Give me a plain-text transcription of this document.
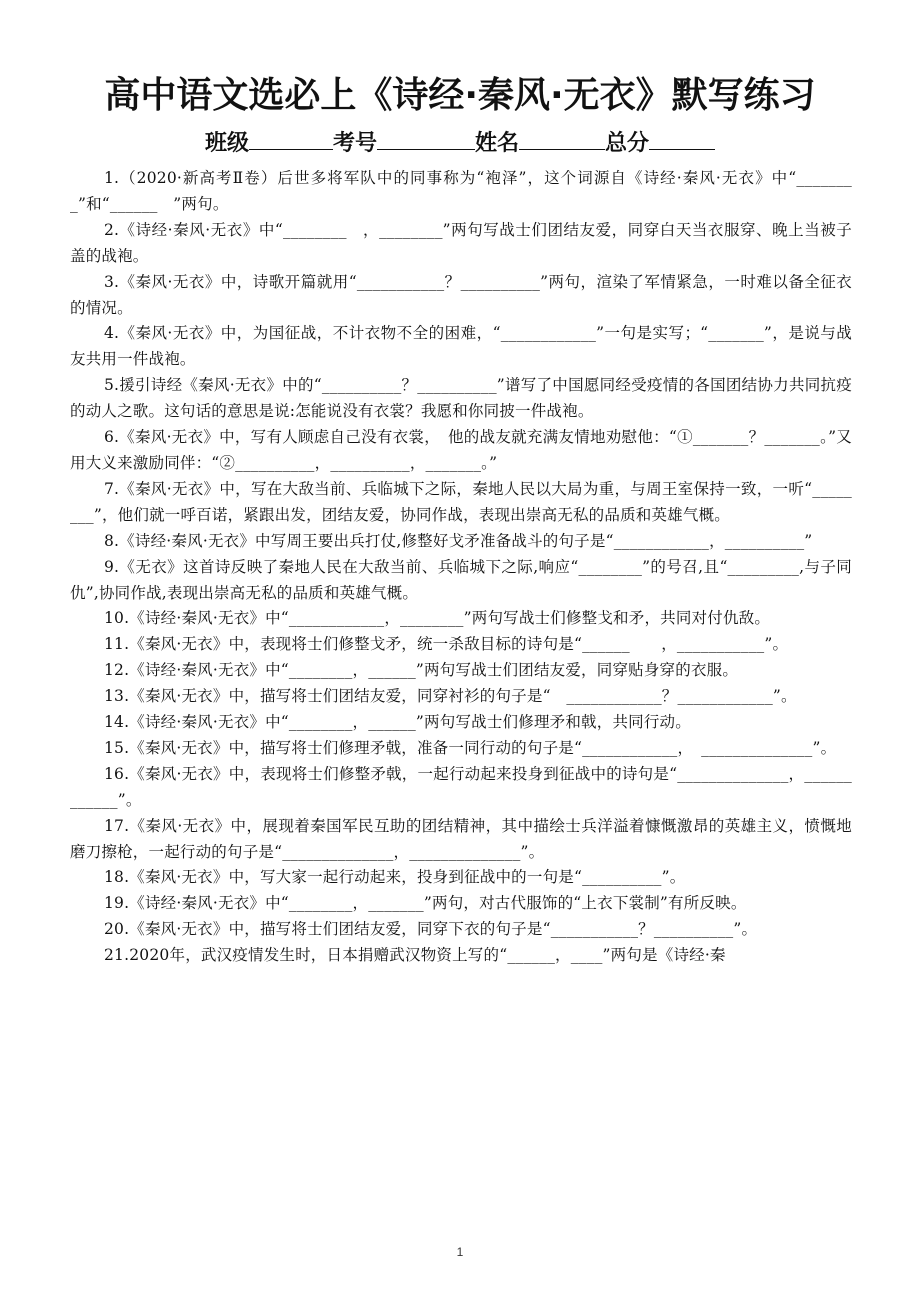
高中语文选必上《诗经·秦风·无衣》默写练习
班级	考号	姓名	总分

1.（2020·新高考Ⅱ卷）后世多将军队中的同事称为“袍泽”，这个词源自《诗经·秦风·无衣》中“________”和“______　”两句。

2.《诗经·秦风·无衣》中“________　，________”两句写战士们团结友爱，同穿白天当衣服穿、晚上当被子盖的战袍。

3.《秦风·无衣》中，诗歌开篇就用“___________？__________”两句，渲染了军情紧急，一时难以备全征衣的情况。

4.《秦风·无衣》中，为国征战，不计衣物不全的困难，“____________”一句是实写；“_______”，是说与战友共用一件战袍。

5.援引诗经《秦风·无衣》中的“__________？__________”谱写了中国愿同经受疫情的各国团结协力共同抗疫的动人之歌。这句话的意思是说:怎能说没有衣裳？我愿和你同披一件战袍。

6.《秦风·无衣》中，写有人顾虑自己没有衣裳，　他的战友就充满友情地劝慰他：“①_______？_______。”又用大义来激励同伴：“②__________，__________，_______。”

7.《秦风·无衣》中，写在大敌当前、兵临城下之际，秦地人民以大局为重，与周王室保持一致，一听“________”，他们就一呼百诺，紧跟出发，团结友爱，协同作战，表现出崇高无私的品质和英雄气概。

8.《诗经·秦风·无衣》中写周王要出兵打仗,修整好戈矛准备战斗的句子是“____________，__________”

9.《无衣》这首诗反映了秦地人民在大敌当前、兵临城下之际,响应“________”的号召,且“_________,与子同仇”,协同作战,表现出崇高无私的品质和英雄气概。

10.《诗经·秦风·无衣》中“____________，________”两句写战士们修整戈和矛，共同对付仇敌。

11.《秦风·无衣》中，表现将士们修整戈矛，统一杀敌目标的诗句是“______　　，___________”。

12.《诗经·秦风·无衣》中“________，______”两句写战士们团结友爱，同穿贴身穿的衣服。

13.《秦风·无衣》中，描写将士们团结友爱，同穿衬衫的句子是“　____________？____________”。

14.《诗经·秦风·无衣》中“________，______”两句写战士们修理矛和戟，共同行动。

15.《秦风·无衣》中，描写将士们修理矛戟，准备一同行动的句子是“____________，　______________”。

16.《秦风·无衣》中，表现将士们修整矛戟，一起行动起来投身到征战中的诗句是“______________，____________”。

17.《秦风·无衣》中，展现着秦国军民互助的团结精神，其中描绘士兵洋溢着慷慨激昂的英雄主义，愤慨地磨刀擦枪，一起行动的句子是“______________，______________”。

18.《秦风·无衣》中，写大家一起行动起来，投身到征战中的一句是“__________”。

19.《诗经·秦风·无衣》中“________，_______”两句，对古代服饰的“上衣下裳制”有所反映。

20.《秦风·无衣》中，描写将士们团结友爱，同穿下衣的句子是“___________？__________”。

21.2020年，武汉疫情发生时，日本捐赠武汉物资上写的“______，____”两句是《诗经·秦

1
